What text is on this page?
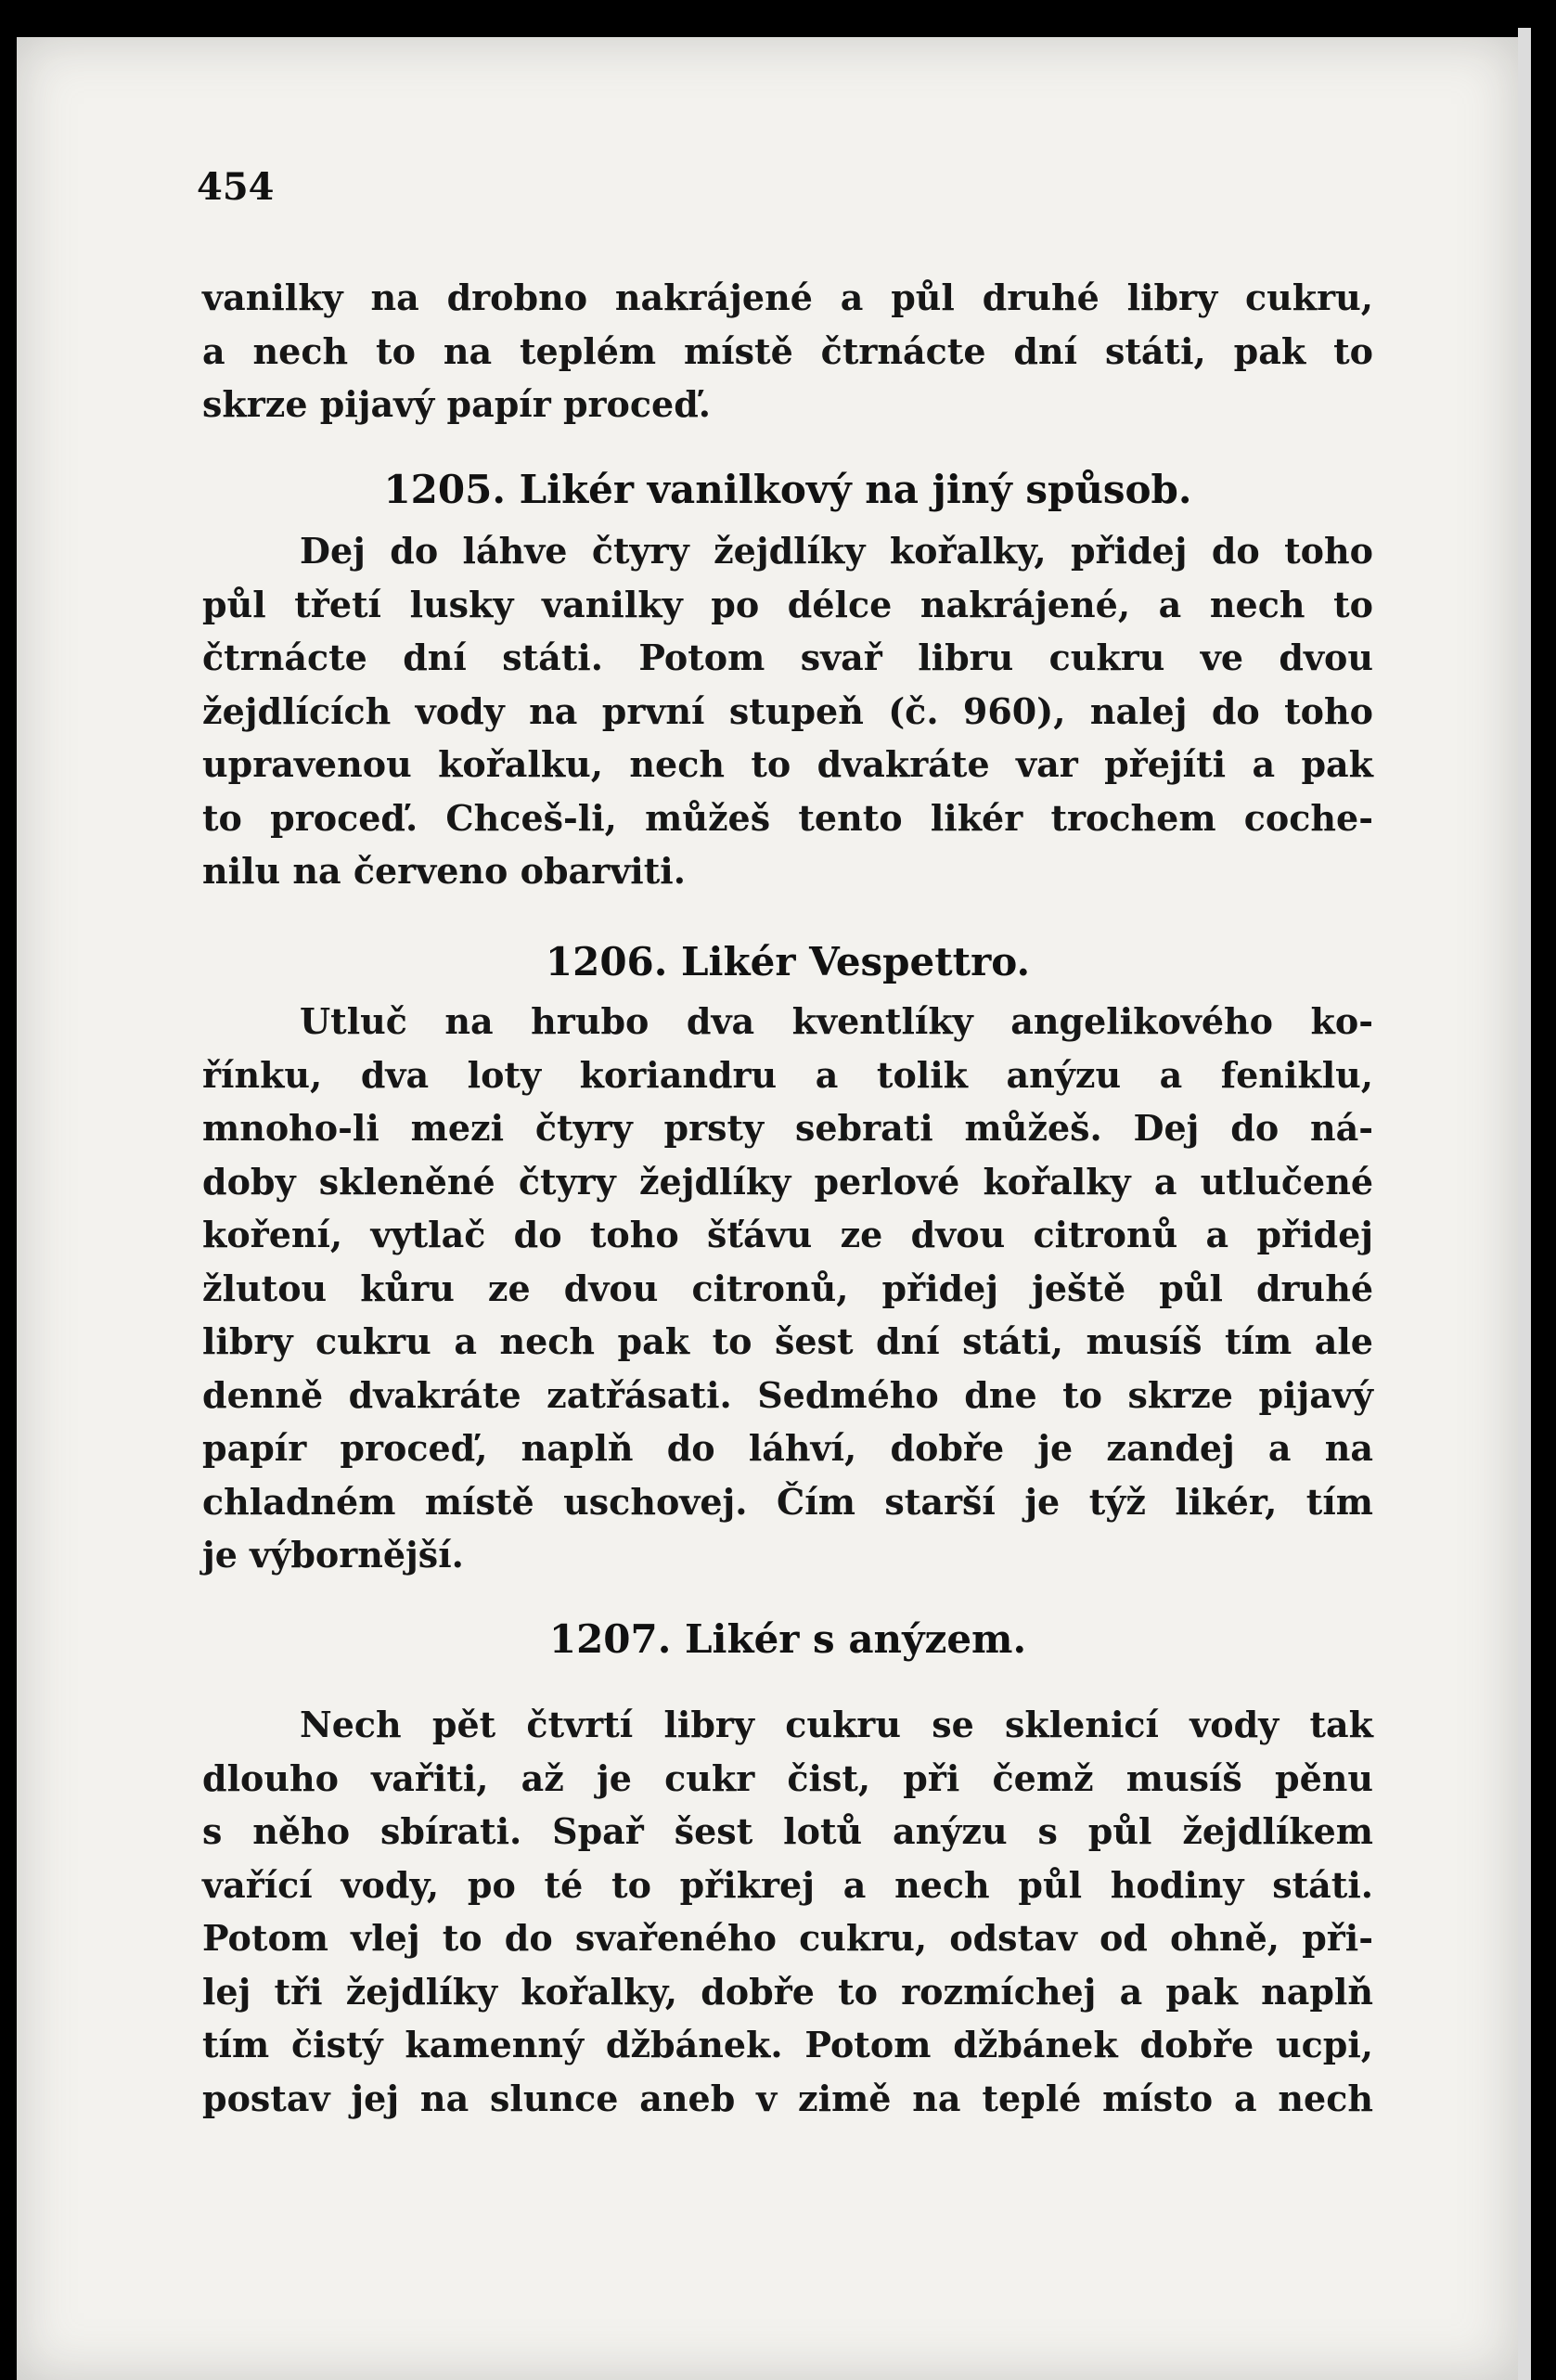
454
vanilky na drobno nakrájené a půl druhé libry cukru,
a nech to na teplém místě čtrnácte dní státi, pak to
skrze pijavý papír proceď.
1205. Likér vanilkový na jiný spůsob.
Dej do láhve čtyry žejdlíky kořalky, přidej do toho
půl třetí lusky vanilky po délce nakrájené, a nech to
čtrnácte dní státi. Potom svař libru cukru ve dvou
žejdlících vody na první stupeň (č. 960), nalej do toho
upravenou kořalku, nech to dvakráte var přejíti a pak
to proceď. Chceš-li, můžeš tento likér trochem coche-
nilu na červeno obarviti.
1206. Likér Vespettro.
Utluč na hrubo dva kventlíky angelikového ko-
řínku, dva loty koriandru a tolik anýzu a feniklu,
mnoho-li mezi čtyry prsty sebrati můžeš. Dej do ná-
doby skleněné čtyry žejdlíky perlové kořalky a utlučené
koření, vytlač do toho šťávu ze dvou citronů a přidej
žlutou kůru ze dvou citronů, přidej ještě půl druhé
libry cukru a nech pak to šest dní státi, musíš tím ale
denně dvakráte zatřásati. Sedmého dne to skrze pijavý
papír proceď, naplň do láhví, dobře je zandej a na
chladném místě uschovej. Čím starší je týž likér, tím
je výbornější.
1207. Likér s anýzem.
Nech pět čtvrtí libry cukru se sklenicí vody tak
dlouho vařiti, až je cukr čist, při čemž musíš pěnu
s něho sbírati. Spař šest lotů anýzu s půl žejdlíkem
vařící vody, po té to přikrej a nech půl hodiny státi.
Potom vlej to do svařeného cukru, odstav od ohně, při-
lej tři žejdlíky kořalky, dobře to rozmíchej a pak naplň
tím čistý kamenný džbánek. Potom džbánek dobře ucpi,
postav jej na slunce aneb v zimě na teplé místo a nech
